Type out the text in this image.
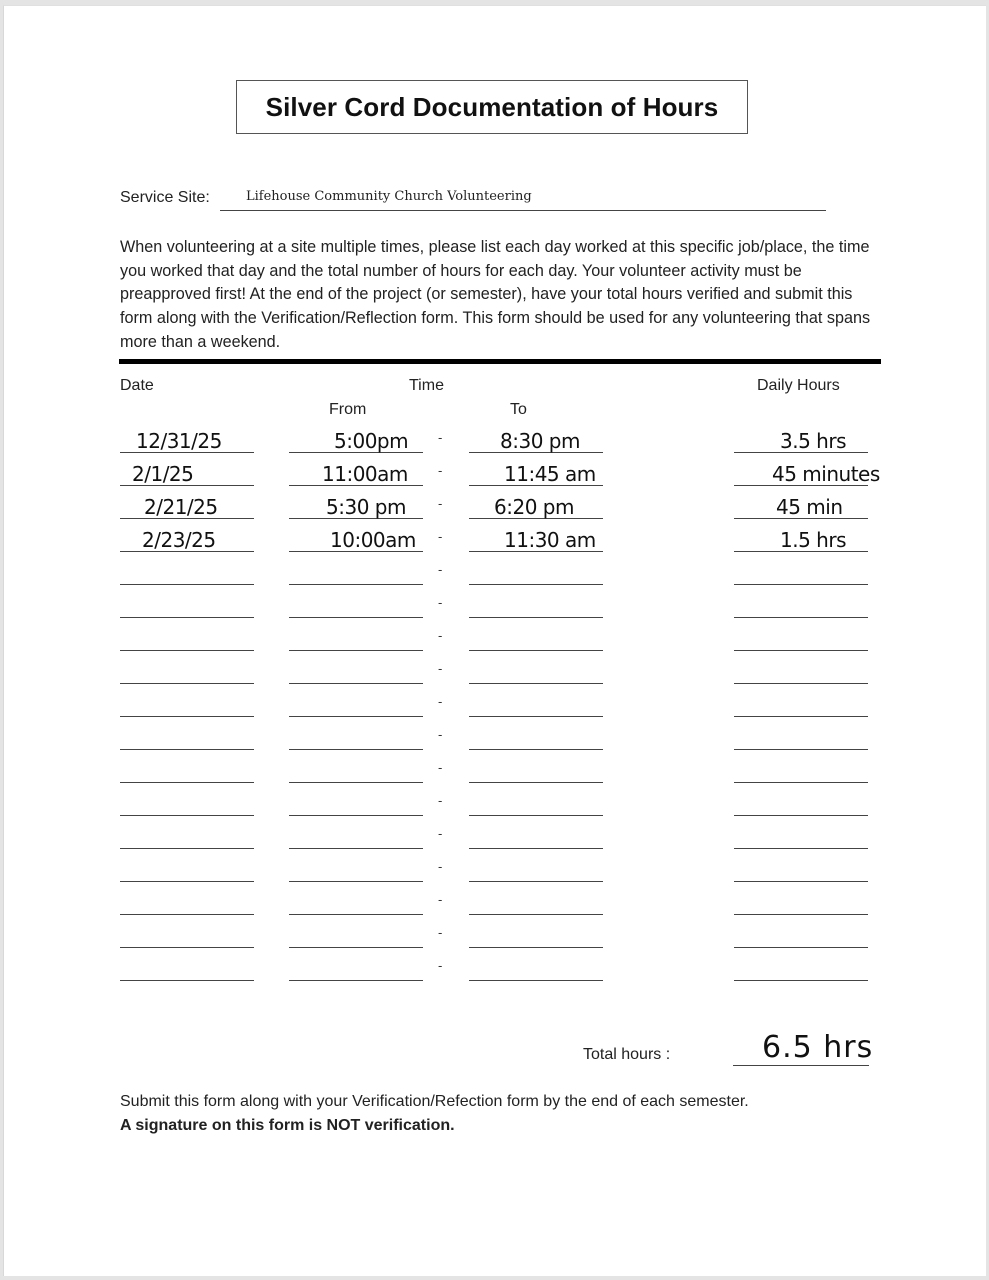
Silver Cord Documentation of Hours
Service Site:	Lifehouse Community Church Volunteering
When volunteering at a site multiple times, please list each day worked at this specific job/place, the time you worked that day and the total number of hours for each day. Your volunteer activity must be preapproved first! At the end of the project (or semester), have your total hours verified and submit this form along with the Verification/Reflection form. This form should be used for any volunteering that spans more than a weekend.
Date	Time	Daily Hours
From	To
12/31/25	5:00pm	8:30 pm	3.5 hrs
-
2/1/25	11:00am	11:45 am	45 minutes
-
2/21/25	5:30 pm	6:20 pm	45 min
-
2/23/25	10:00am	11:30 am	1.5 hrs
-
-
-
-
-
-
-
-
-
-
-
-
-
-
Total hours :	6.5 hrs
Submit this form along with your Verification/Refection form by the end of each semester.
A signature on this form is NOT verification.
